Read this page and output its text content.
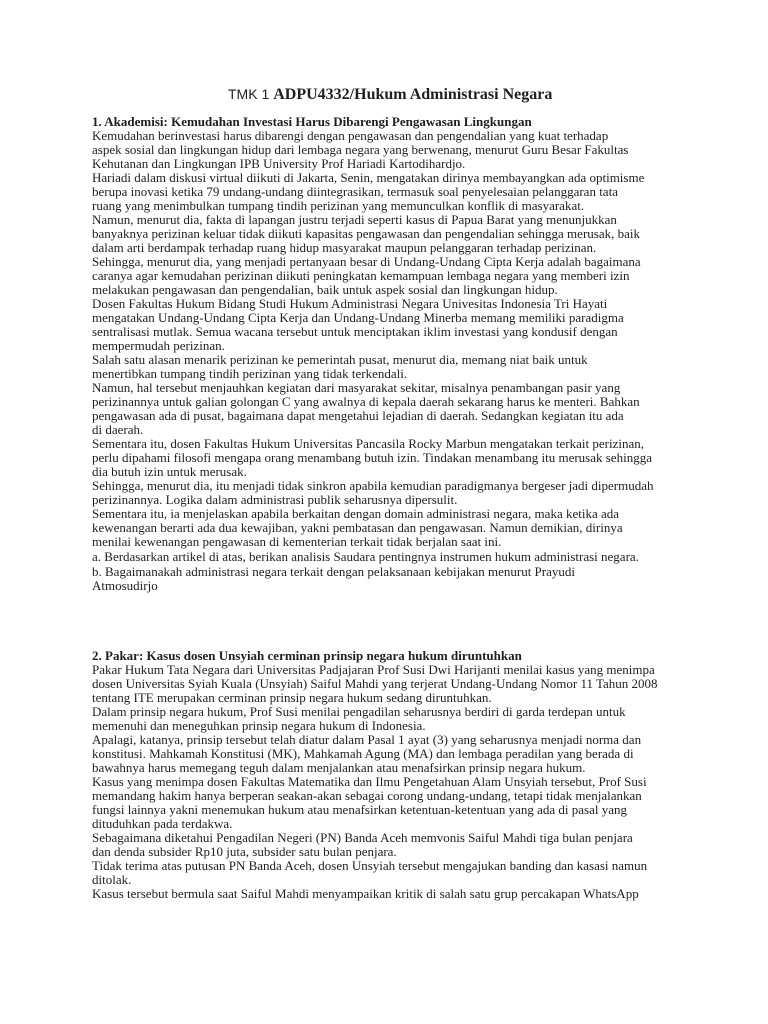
TMK 1 ADPU4332/Hukum Administrasi Negara

1. Akademisi: Kemudahan Investasi Harus Dibarengi Pengawasan Lingkungan

Kemudahan berinvestasi harus dibarengi dengan pengawasan dan pengendalian yang kuat terhadap
aspek sosial dan lingkungan hidup dari lembaga negara yang berwenang, menurut Guru Besar Fakultas
Kehutanan dan Lingkungan IPB University Prof Hariadi Kartodihardjo.

Hariadi dalam diskusi virtual diikuti di Jakarta, Senin, mengatakan dirinya membayangkan ada optimisme
berupa inovasi ketika 79 undang-undang diintegrasikan, termasuk soal penyelesaian pelanggaran tata
ruang yang menimbulkan tumpang tindih perizinan yang memunculkan konflik di masyarakat.

Namun, menurut dia, fakta di lapangan justru terjadi seperti kasus di Papua Barat yang menunjukkan
banyaknya perizinan keluar tidak diikuti kapasitas pengawasan dan pengendalian sehingga merusak, baik
dalam arti berdampak terhadap ruang hidup masyarakat maupun pelanggaran terhadap perizinan.

Sehingga, menurut dia, yang menjadi pertanyaan besar di Undang-Undang Cipta Kerja adalah bagaimana
caranya agar kemudahan perizinan diikuti peningkatan kemampuan lembaga negara yang memberi izin
melakukan pengawasan dan pengendalian, baik untuk aspek sosial dan lingkungan hidup.

Dosen Fakultas Hukum Bidang Studi Hukum Administrasi Negara Univesitas Indonesia Tri Hayati
mengatakan Undang-Undang Cipta Kerja dan Undang-Undang Minerba memang memiliki paradigma
sentralisasi mutlak. Semua wacana tersebut untuk menciptakan iklim investasi yang kondusif dengan
mempermudah perizinan.

Salah satu alasan menarik perizinan ke pemerintah pusat, menurut dia, memang niat baik untuk
menertibkan tumpang tindih perizinan yang tidak terkendali.

Namun, hal tersebut menjauhkan kegiatan dari masyarakat sekitar, misalnya penambangan pasir yang
perizinannya untuk galian golongan C yang awalnya di kepala daerah sekarang harus ke menteri. Bahkan
pengawasan ada di pusat, bagaimana dapat mengetahui lejadian di daerah. Sedangkan kegiatan itu ada
di daerah.

Sementara itu, dosen Fakultas Hukum Universitas Pancasila Rocky Marbun mengatakan terkait perizinan,
perlu dipahami filosofi mengapa orang menambang butuh izin. Tindakan menambang itu merusak sehingga
dia butuh izin untuk merusak.

Sehingga, menurut dia, itu menjadi tidak sinkron apabila kemudian paradigmanya bergeser jadi dipermudah
perizinannya. Logika dalam administrasi publik seharusnya dipersulit.

Sementara itu, ia menjelaskan apabila berkaitan dengan domain administrasi negara, maka ketika ada
kewenangan berarti ada dua kewajiban, yakni pembatasan dan pengawasan. Namun demikian, dirinya
menilai kewenangan pengawasan di kementerian terkait tidak berjalan saat ini.

a. Berdasarkan artikel di atas, berikan analisis Saudara pentingnya instrumen hukum administrasi negara.

b. Bagaimanakah administrasi negara terkait dengan pelaksanaan kebijakan menurut Prayudi
Atmosudirjo

2. Pakar: Kasus dosen Unsyiah cerminan prinsip negara hukum diruntuhkan

Pakar Hukum Tata Negara dari Universitas Padjajaran Prof Susi Dwi Harijanti menilai kasus yang menimpa
dosen Universitas Syiah Kuala (Unsyiah) Saiful Mahdi yang terjerat Undang-Undang Nomor 11 Tahun 2008
tentang ITE merupakan cerminan prinsip negara hukum sedang diruntuhkan.

Dalam prinsip negara hukum, Prof Susi menilai pengadilan seharusnya berdiri di garda terdepan untuk
memenuhi dan meneguhkan prinsip negara hukum di Indonesia.

Apalagi, katanya, prinsip tersebut telah diatur dalam Pasal 1 ayat (3) yang seharusnya menjadi norma dan
konstitusi. Mahkamah Konstitusi (MK), Mahkamah Agung (MA) dan lembaga peradilan yang berada di
bawahnya harus memegang teguh dalam menjalankan atau menafsirkan prinsip negara hukum.

Kasus yang menimpa dosen Fakultas Matematika dan Ilmu Pengetahuan Alam Unsyiah tersebut, Prof Susi
memandang hakim hanya berperan seakan-akan sebagai corong undang-undang, tetapi tidak menjalankan
fungsi lainnya yakni menemukan hukum atau menafsirkan ketentuan-ketentuan yang ada di pasal yang
dituduhkan pada terdakwa.

Sebagaimana diketahui Pengadilan Negeri (PN) Banda Aceh memvonis Saiful Mahdi tiga bulan penjara
dan denda subsider Rp10 juta, subsider satu bulan penjara.

Tidak terima atas putusan PN Banda Aceh, dosen Unsyiah tersebut mengajukan banding dan kasasi namun
ditolak.

Kasus tersebut bermula saat Saiful Mahdi menyampaikan kritik di salah satu grup percakapan WhatsApp
